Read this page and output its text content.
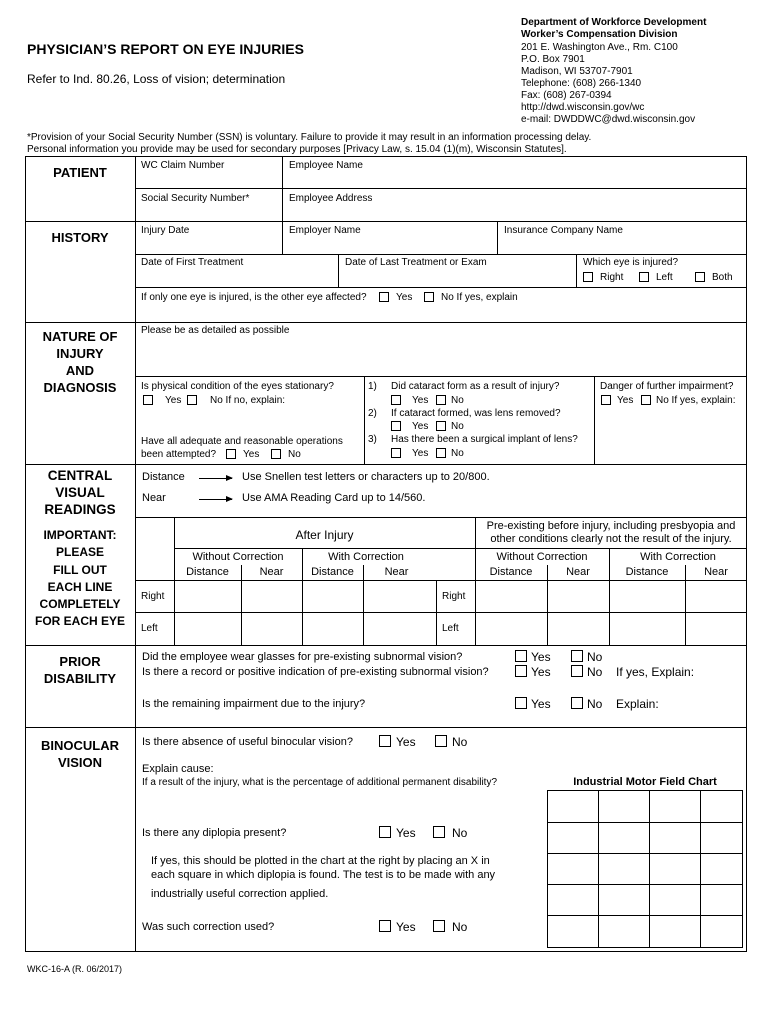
PHYSICIAN’S REPORT ON EYE INJURIES
Refer to Ind. 80.26, Loss of vision; determination
Department of Workforce Development
Worker’s Compensation Division
201 E. Washington Ave., Rm. C100
P.O. Box 7901
Madison, WI 53707-7901
Telephone: (608) 266-1340
Fax: (608) 267-0394
http://dwd.wisconsin.gov/wc
e-mail: DWDDWC@dwd.wisconsin.gov
*Provision of your Social Security Number (SSN) is voluntary. Failure to provide it may result in an information processing delay.
Personal information you provide may be used for secondary purposes [Privacy Law, s. 15.04 (1)(m), Wisconsin Statutes].
PATIENT	WC Claim Number	Employee Name
Social Security Number*	Employee Address
HISTORY	Injury Date	Employer Name	Insurance Company Name
Date of First Treatment	Date of Last Treatment or Exam	Which eye is injured?
Right	Left	Both
If only one eye is injured, is the other eye affected?	Yes	No If yes, explain
NATURE OF
INJURY
AND
DIAGNOSIS
Please be as detailed as possible
Is physical condition of the eyes stationary?
Yes	No If no, explain:
Have all adequate and reasonable operations
been attempted?	Yes	No
1) Did cataract form as a result of injury?
Yes No
2) If cataract formed, was lens removed?
Yes No
3) Has there been a surgical implant of lens?
Yes No
Danger of further impairment?
Yes No If yes, explain:
CENTRAL
VISUAL
READINGS
Distance	Use Snellen test letters or characters up to 20/800.
Near	Use AMA Reading Card up to 14/560.
IMPORTANT:
PLEASE
FILL OUT
EACH LINE
COMPLETELY
FOR EACH EYE
After Injury
Pre-existing before injury, including presbyopia and
other conditions clearly not the result of the injury.
Without Correction	With Correction	Without Correction	With Correction
Distance	Near	Distance	Near	Distance	Near	Distance	Near
Right	Right
Left	Left
PRIOR
DISABILITY
Did the employee wear glasses for pre-existing subnormal vision?	Yes	No
Is there a record or positive indication of pre-existing subnormal vision?	Yes	No If yes, Explain:
Is the remaining impairment due to the injury?	Yes	No Explain:
BINOCULAR
VISION
Is there absence of useful binocular vision?	Yes	No
Explain cause:
If a result of the injury, what is the percentage of additional permanent disability?	Industrial Motor Field Chart
Is there any diplopia present?	Yes	No
If yes, this should be plotted in the chart at the right by placing an X in
each square in which diplopia is found. The test is to be made with any
industrially useful correction applied.
Was such correction used?	Yes	No
WKC-16-A (R. 06/2017)
